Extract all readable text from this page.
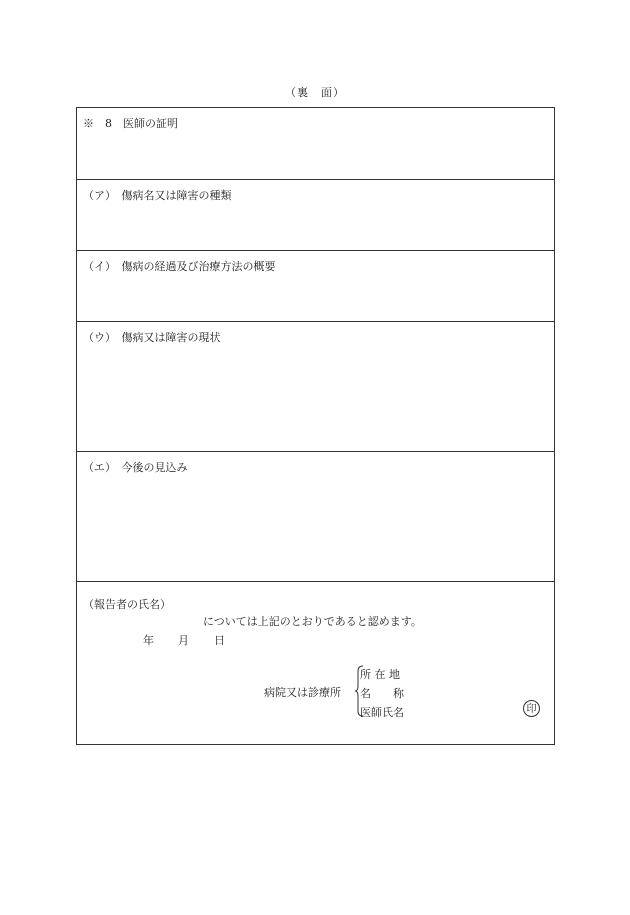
（裏　面）
※　8　医師の証明
（ア）　傷病名又は障害の種類
（イ）　傷病の経過及び治療方法の概要
（ウ）　傷病又は障害の現状
（エ）　今後の見込み
（報告者の氏名）
については上記のとおりであると認めます。
年 月 日
病院又は診療所
所 在 地
名　　称
医師氏名	印
